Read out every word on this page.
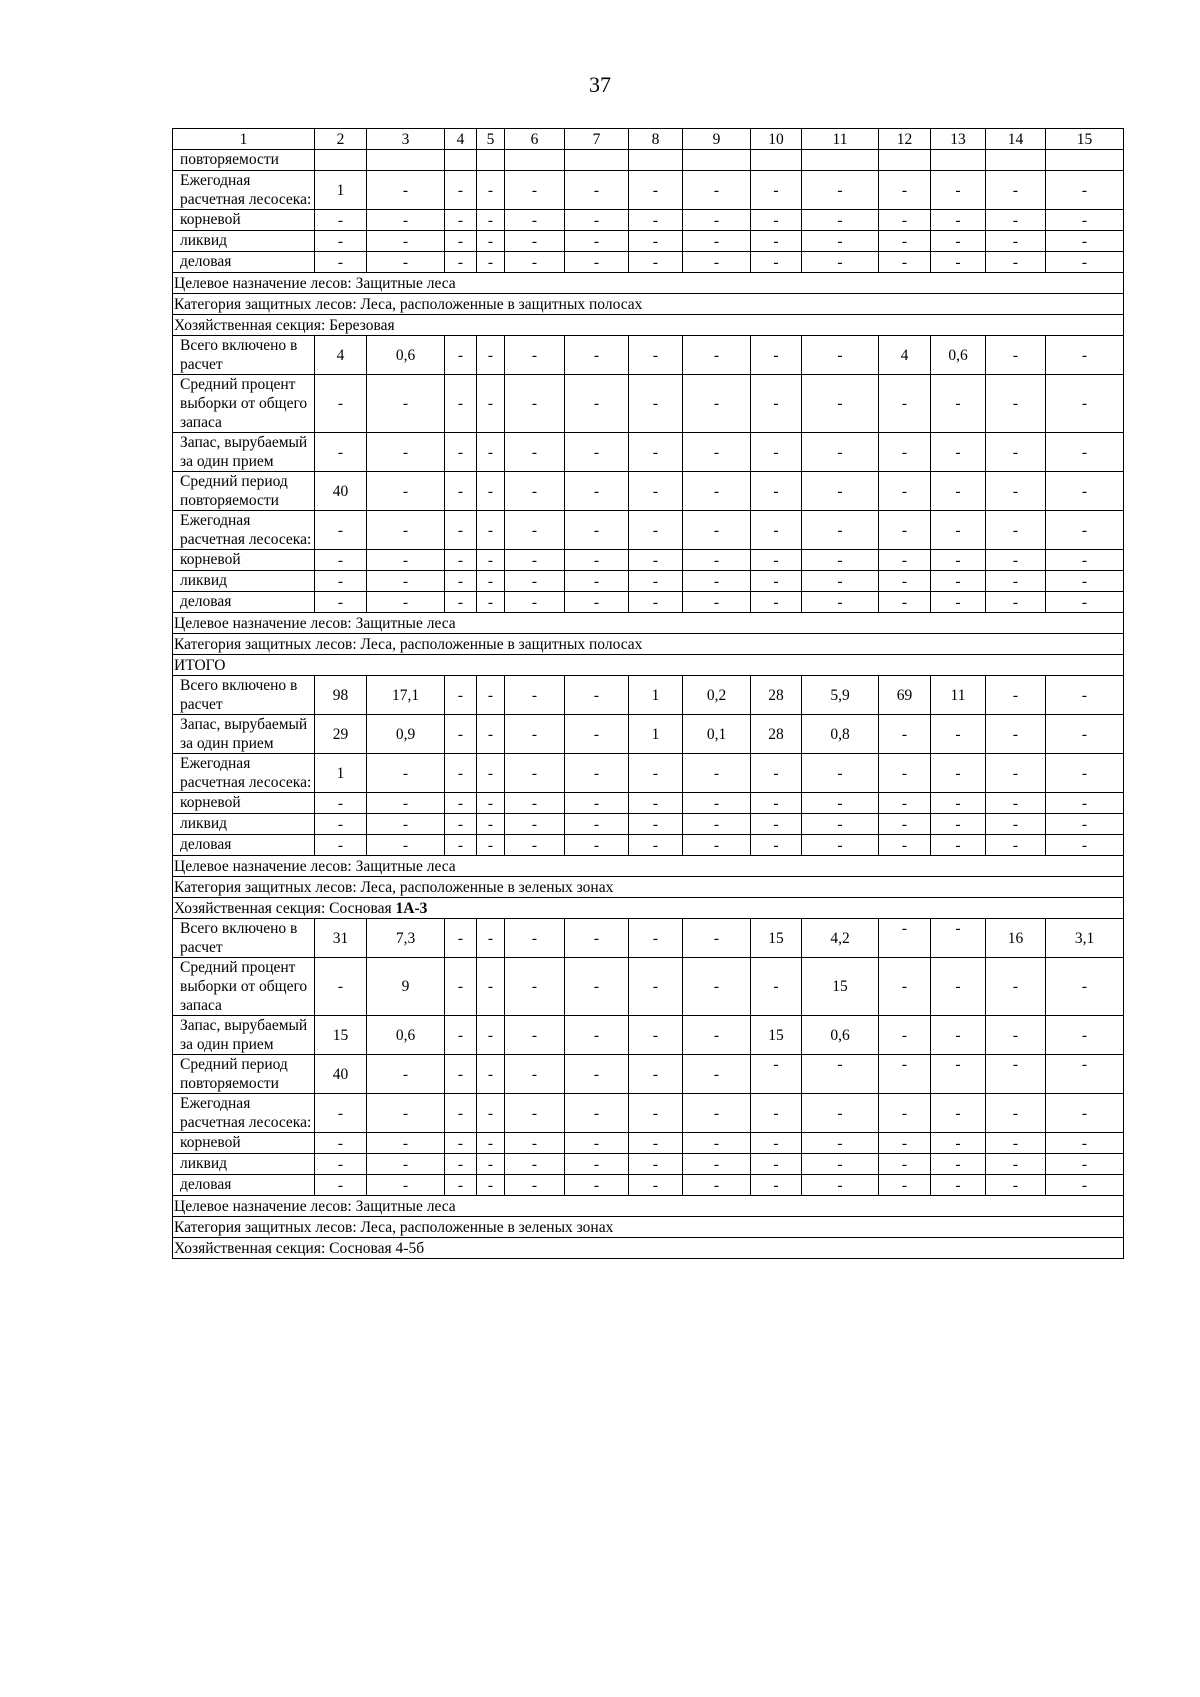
37
1	2	3	4	5	6	7	8	9	10	11	12	13	14	15
повторяемости														
Ежегодная расчетная лесосека:	1	-	-	-	-	-	-	-	-	-	-	-	-	-
корневой	-	-	-	-	-	-	-	-	-	-	-	-	-	-
ликвид	-	-	-	-	-	-	-	-	-	-	-	-	-	-
деловая	-	-	-	-	-	-	-	-	-	-	-	-	-	-
Целевое назначение лесов: Защитные леса														
Категория защитных лесов: Леса, расположенные в защитных полосах														
Хозяйственная секция: Березовая														
Всего включено в расчет	4	0,6	-	-	-	-	-	-	-	-	4	0,6	-	-
Средний процент выборки от общего запаса	-	-	-	-	-	-	-	-	-	-	-	-	-	-
Запас, вырубаемый за один прием	-	-	-	-	-	-	-	-	-	-	-	-	-	-
Средний период повторяемости	40	-	-	-	-	-	-	-	-	-	-	-	-	-
Ежегодная расчетная лесосека:	-	-	-	-	-	-	-	-	-	-	-	-	-	-
корневой	-	-	-	-	-	-	-	-	-	-	-	-	-	-
ликвид	-	-	-	-	-	-	-	-	-	-	-	-	-	-
деловая	-	-	-	-	-	-	-	-	-	-	-	-	-	-
Целевое назначение лесов: Защитные леса														
Категория защитных лесов: Леса, расположенные в защитных полосах														
ИТОГО														
Всего включено в расчет	98	17,1	-	-	-	-	1	0,2	28	5,9	69	11	-	-
Запас, вырубаемый за один прием	29	0,9	-	-	-	-	1	0,1	28	0,8	-	-	-	-
Ежегодная расчетная лесосека:	1	-	-	-	-	-	-	-	-	-	-	-	-	-
корневой	-	-	-	-	-	-	-	-	-	-	-	-	-	-
ликвид	-	-	-	-	-	-	-	-	-	-	-	-	-	-
деловая	-	-	-	-	-	-	-	-	-	-	-	-	-	-
Целевое назначение лесов: Защитные леса														
Категория защитных лесов: Леса, расположенные в зеленых зонах														
Хозяйственная секция: Сосновая 1А-3														
Всего включено в расчет	31	7,3	-	-	-	-	-	-	15	4,2	-	-	16	3,1
Средний процент выборки от общего запаса	-	9	-	-	-	-	-	-	-	15	-	-	-	-
Запас, вырубаемый за один прием	15	0,6	-	-	-	-	-	-	15	0,6	-	-	-	-
Средний период повторяемости	40	-	-	-	-	-	-	-	-	-	-	-	-	-
Ежегодная расчетная лесосека:	-	-	-	-	-	-	-	-	-	-	-	-	-	-
корневой	-	-	-	-	-	-	-	-	-	-	-	-	-	-
ликвид	-	-	-	-	-	-	-	-	-	-	-	-	-	-
деловая	-	-	-	-	-	-	-	-	-	-	-	-	-	-
Целевое назначение лесов: Защитные леса														
Категория защитных лесов: Леса, расположенные в зеленых зонах														
Хозяйственная секция: Сосновая 4-5б														
